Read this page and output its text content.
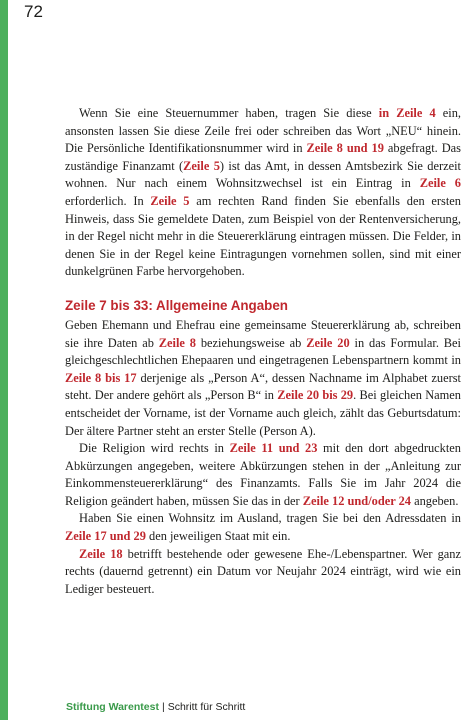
72

Wenn Sie eine Steuernummer haben, tragen Sie diese in Zeile 4 ein, ansonsten lassen Sie diese Zeile frei oder schreiben das Wort „NEU“ hinein. Die Persönliche Identifikationsnummer wird in Zeile 8 und 19 abgefragt. Das zuständige Finanzamt (Zeile 5) ist das Amt, in dessen Amtsbezirk Sie derzeit wohnen. Nur nach einem Wohnsitzwechsel ist ein Eintrag in Zeile 6 erforderlich. In Zeile 5 am rechten Rand finden Sie ebenfalls den ersten Hinweis, dass Sie gemeldete Daten, zum Beispiel von der Rentenversicherung, in der Regel nicht mehr in die Steuererklärung eintragen müssen. Die Felder, in denen Sie in der Regel keine Eintragungen vornehmen sollen, sind mit einer dunkelgrünen Farbe hervorgehoben.

Zeile 7 bis 33: Allgemeine Angaben

Geben Ehemann und Ehefrau eine gemeinsame Steuererklärung ab, schreiben sie ihre Daten ab Zeile 8 beziehungsweise ab Zeile 20 in das Formular. Bei gleichgeschlechtlichen Ehepaaren und eingetragenen Lebenspartnern kommt in Zeile 8 bis 17 derjenige als „Person A“, dessen Nachname im Alphabet zuerst steht. Der andere gehört als „Person B“ in Zeile 20 bis 29. Bei gleichen Namen entscheidet der Vorname, ist der Vorname auch gleich, zählt das Geburtsdatum: Der ältere Partner steht an erster Stelle (Person A).

Die Religion wird rechts in Zeile 11 und 23 mit den dort abgedruckten Abkürzungen angegeben, weitere Abkürzungen stehen in der „Anleitung zur Einkommensteuererklärung“ des Finanzamts. Falls Sie im Jahr 2024 die Religion geändert haben, müssen Sie das in der Zeile 12 und/oder 24 angeben.

Haben Sie einen Wohnsitz im Ausland, tragen Sie bei den Adressdaten in Zeile 17 und 29 den jeweiligen Staat mit ein.

Zeile 18 betrifft bestehende oder gewesene Ehe-/Lebenspartner. Wer ganz rechts (dauernd getrennt) ein Datum vor Neujahr 2024 einträgt, wird wie ein Lediger besteuert.

Stiftung Warentest | Schritt für Schritt
